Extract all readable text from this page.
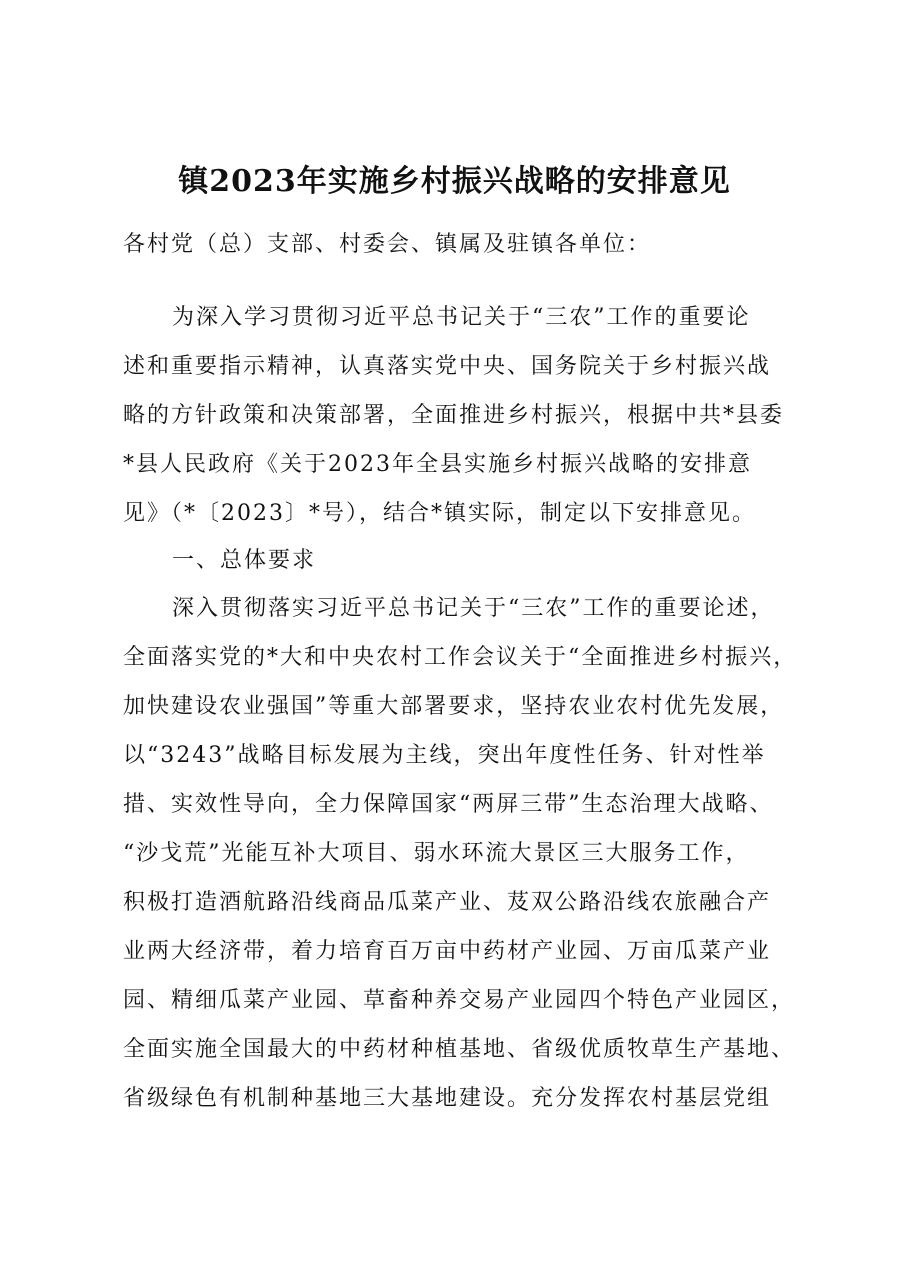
镇2023年实施乡村振兴战略的安排意见
各村党（总）支部、村委会、镇属及驻镇各单位：
为深入学习贯彻习近平总书记关于“三农”工作的重要论
述和重要指示精神，认真落实党中央、国务院关于乡村振兴战
略的方针政策和决策部署，全面推进乡村振兴，根据中共*县委
*县人民政府《关于2023年全县实施乡村振兴战略的安排意
见》（*〔2023〕*号），结合*镇实际，制定以下安排意见。
一、总体要求
深入贯彻落实习近平总书记关于“三农”工作的重要论述，
全面落实党的*大和中央农村工作会议关于“全面推进乡村振兴，
加快建设农业强国”等重大部署要求，坚持农业农村优先发展，
以“3243”战略目标发展为主线，突出年度性任务、针对性举
措、实效性导向，全力保障国家“两屏三带”生态治理大战略、
“沙戈荒”光能互补大项目、弱水环流大景区三大服务工作，
积极打造酒航路沿线商品瓜菜产业、芨双公路沿线农旅融合产
业两大经济带，着力培育百万亩中药材产业园、万亩瓜菜产业
园、精细瓜菜产业园、草畜种养交易产业园四个特色产业园区，
全面实施全国最大的中药材种植基地、省级优质牧草生产基地、
省级绿色有机制种基地三大基地建设。充分发挥农村基层党组
